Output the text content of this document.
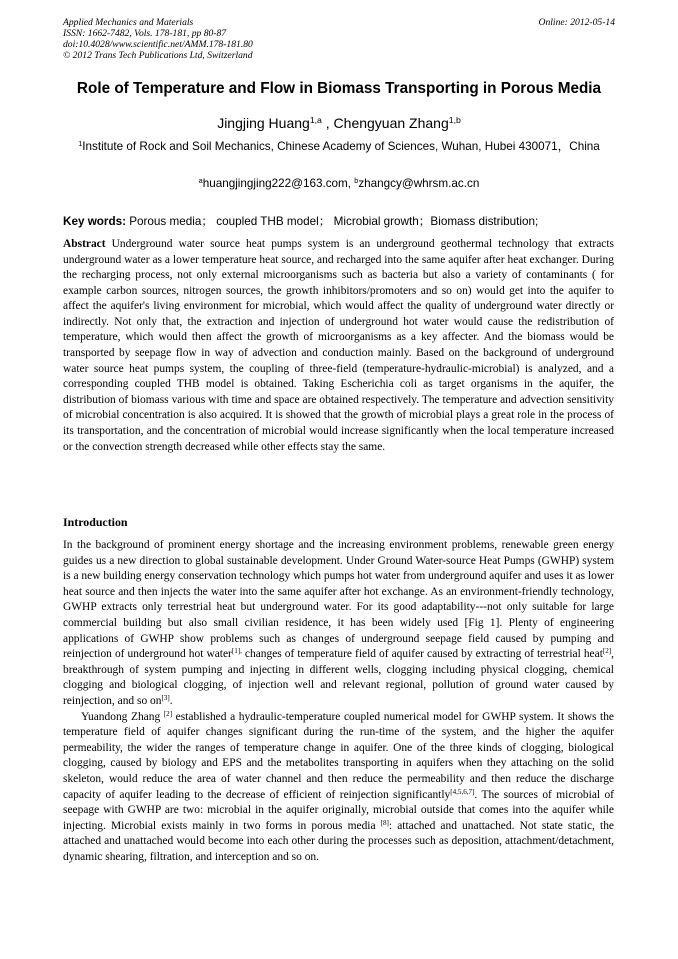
Applied Mechanics and Materials
ISSN: 1662-7482, Vols. 178-181, pp 80-87
doi:10.4028/www.scientific.net/AMM.178-181.80
© 2012 Trans Tech Publications Ltd, Switzerland
Online: 2012-05-14
Role of Temperature and Flow in Biomass Transporting in Porous Media
Jingjing Huang$^{1,a}$ , Chengyuan Zhang$^{1,b}$
$^1$Institute of Rock and Soil Mechanics, Chinese Academy of Sciences, Wuhan, Hubei 430071，China
$^a$huangjingjing222@163.com, $^b$zhangcy@whrsm.ac.cn
Key words: Porous media； coupled THB model； Microbial growth；Biomass distribution;
Abstract Underground water source heat pumps system is an underground geothermal technology that extracts underground water as a lower temperature heat source, and recharged into the same aquifer after heat exchanger. During the recharging process, not only external microorganisms such as bacteria but also a variety of contaminants ( for example carbon sources, nitrogen sources, the growth inhibitors/promoters and so on) would get into the aquifer to affect the aquifer's living environment for microbial, which would affect the quality of underground water directly or indirectly. Not only that, the extraction and injection of underground hot water would cause the redistribution of temperature, which would then affect the growth of microorganisms as a key affecter. And the biomass would be transported by seepage flow in way of advection and conduction mainly. Based on the background of underground water source heat pumps system, the coupling of three-field (temperature-hydraulic-microbial) is analyzed, and a corresponding coupled THB model is obtained. Taking Escherichia coli as target organisms in the aquifer, the distribution of biomass various with time and space are obtained respectively. The temperature and advection sensitivity of microbial concentration is also acquired. It is showed that the growth of microbial plays a great role in the process of its transportation, and the concentration of microbial would increase significantly when the local temperature increased or the convection strength decreased while other effects stay the same.
Introduction

In the background of prominent energy shortage and the increasing environment problems, renewable green energy guides us a new direction to global sustainable development. Under Ground Water-source Heat Pumps (GWHP) system is a new building energy conservation technology which pumps hot water from underground aquifer and uses it as lower heat source and then injects the water into the same aquifer after hot exchange. As an environment-friendly technology, GWHP extracts only terrestrial heat but underground water. For its good adaptability---not only suitable for large commercial building but also small civilian residence, it has been widely used [Fig 1]. Plenty of engineering applications of GWHP show problems such as changes of underground seepage field caused by pumping and reinjection of underground hot water$^{[1],}$ changes of temperature field of aquifer caused by extracting of terrestrial heat[2], breakthrough of system pumping and injecting in different wells, clogging including physical clogging, chemical clogging and biological clogging, of injection well and relevant regional, pollution of ground water caused by reinjection, and so on[3].

Yuandong Zhang [2] established a hydraulic-temperature coupled numerical model for GWHP system. It shows the temperature field of aquifer changes significant during the run-time of the system, and the higher the aquifer permeability, the wider the ranges of temperature change in aquifer. One of the three kinds of clogging, biological clogging, caused by biology and EPS and the metabolites transporting in aquifers when they attaching on the solid skeleton, would reduce the area of water channel and then reduce the permeability and then reduce the discharge capacity of aquifer leading to the decrease of efficient of reinjection significantly[4,5,6,7]. The sources of microbial of seepage with GWHP are two: microbial in the aquifer originally, microbial outside that comes into the aquifer while injecting. Microbial exists mainly in two forms in porous media [8]: attached and unattached. Not state static, the attached and unattached would become into each other during the processes such as deposition, attachment/detachment, dynamic shearing, filtration, and interception and so on.
